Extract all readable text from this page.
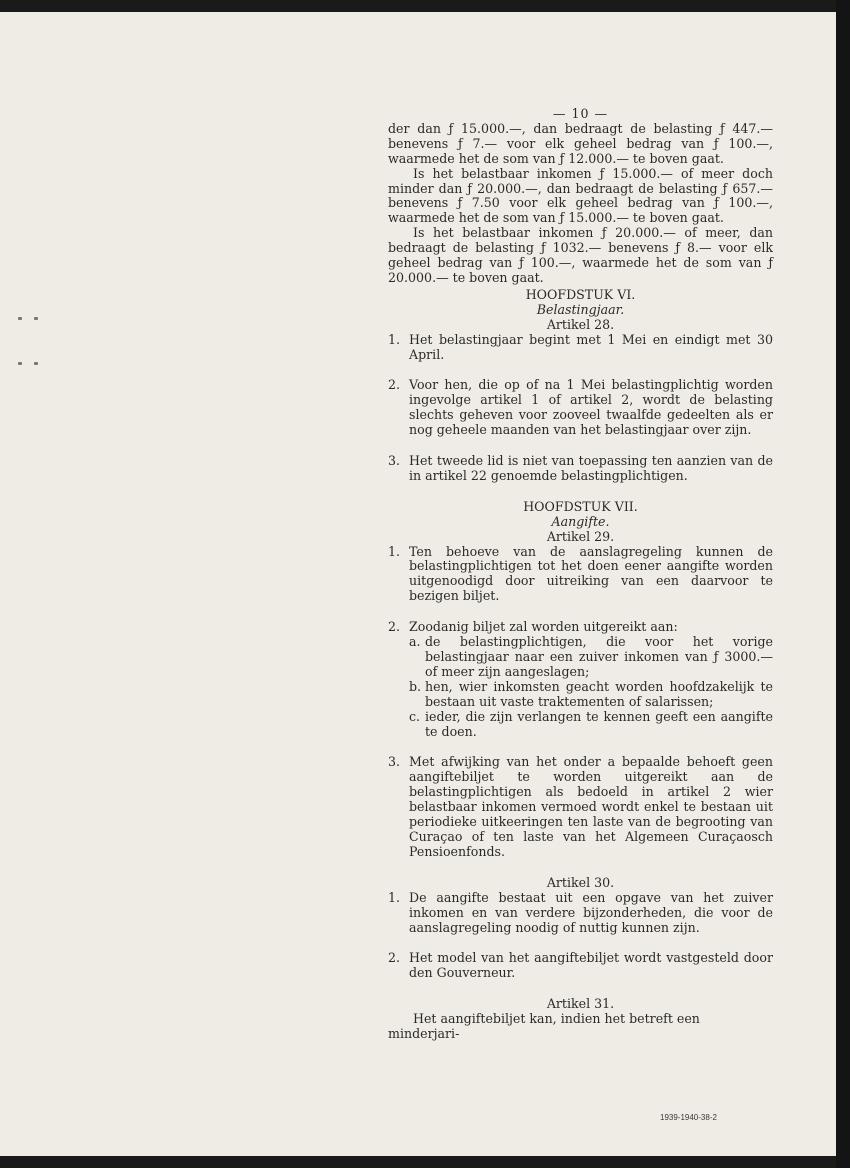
— 10 —

der dan ƒ 15.000.—, dan bedraagt de belasting ƒ 447.— benevens ƒ 7.— voor elk geheel bedrag van ƒ 100.—, waarmede het de som van ƒ 12.000.— te boven gaat.

Is het belastbaar inkomen ƒ 15.000.— of meer doch minder dan ƒ 20.000.—, dan bedraagt de belasting ƒ 657.— benevens ƒ 7.50 voor elk geheel bedrag van ƒ 100.—, waarmede het de som van ƒ 15.000.— te boven gaat.

Is het belastbaar inkomen ƒ 20.000.— of meer, dan bedraagt de belasting ƒ 1032.— benevens ƒ 8.— voor elk geheel bedrag van ƒ 100.—, waarmede het de som van ƒ 20.000.— te boven gaat.

HOOFDSTUK VI.

Belastingjaar.

Artikel 28.

1. Het belastingjaar begint met 1 Mei en eindigt met 30 April.
2. Voor hen, die op of na 1 Mei belastingplichtig worden ingevolge artikel 1 of artikel 2, wordt de belasting slechts geheven voor zooveel twaalfde gedeelten als er nog geheele maanden van het belastingjaar over zijn.
3. Het tweede lid is niet van toepassing ten aanzien van de in artikel 22 genoemde belastingplichtigen.

HOOFDSTUK VII.

Aangifte.

Artikel 29.

1. Ten behoeve van de aanslagregeling kunnen de belastingplichtigen tot het doen eener aangifte worden uitgenoodigd door uitreiking van een daarvoor te bezigen biljet.
2. Zoodanig biljet zal worden uitgereikt aan:
a. de belastingplichtigen, die voor het vorige belastingjaar naar een zuiver inkomen van ƒ 3000.— of meer zijn aangeslagen;
b. hen, wier inkomsten geacht worden hoofdzakelijk te bestaan uit vaste traktementen of salarissen;
c. ieder, die zijn verlangen te kennen geeft een aangifte te doen.
3. Met afwijking van het onder a bepaalde behoeft geen aangiftebiljet te worden uitgereikt aan de belastingplichtigen als bedoeld in artikel 2 wier belastbaar inkomen vermoed wordt enkel te bestaan uit periodieke uitkeeringen ten laste van de begrooting van Curaçao of ten laste van het Algemeen Curaçaosch Pensioenfonds.

Artikel 30.

1. De aangifte bestaat uit een opgave van het zuiver inkomen en van verdere bijzonderheden, die voor de aanslagregeling noodig of nuttig kunnen zijn.
2. Het model van het aangiftebiljet wordt vastgesteld door den Gouverneur.

Artikel 31.

Het aangiftebiljet kan, indien het betreft een minderjari-

1939-1940-38-2
